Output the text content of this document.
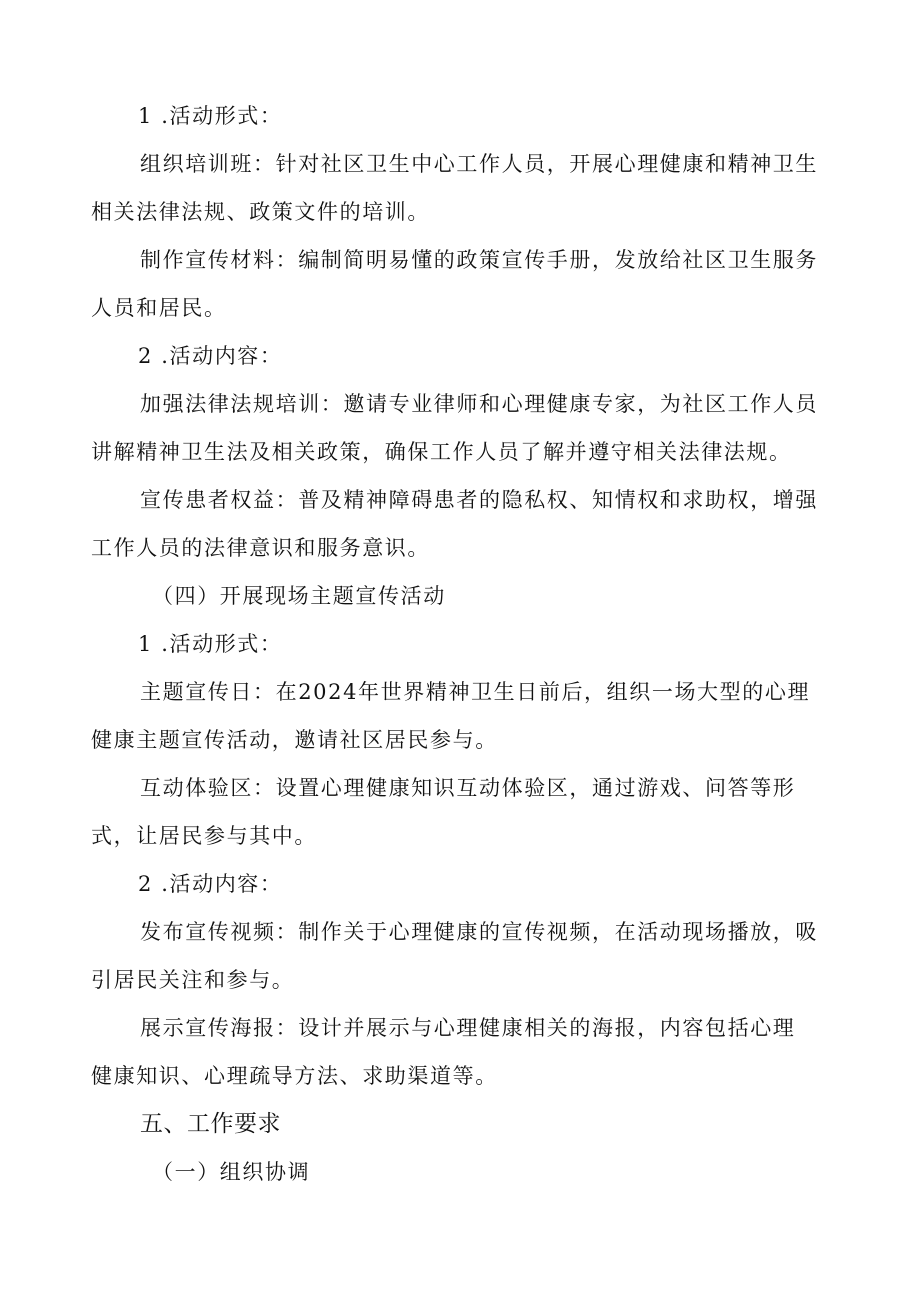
1 .活动形式：
组织培训班：针对社区卫生中心工作人员，开展心理健康和精神卫生
相关法律法规、政策文件的培训。
制作宣传材料：编制简明易懂的政策宣传手册，发放给社区卫生服务
人员和居民。
2 .活动内容：
加强法律法规培训：邀请专业律师和心理健康专家，为社区工作人员
讲解精神卫生法及相关政策，确保工作人员了解并遵守相关法律法规。
宣传患者权益：普及精神障碍患者的隐私权、知情权和求助权，增强
工作人员的法律意识和服务意识。
（四）开展现场主题宣传活动
1 .活动形式：
主题宣传日：在2024年世界精神卫生日前后，组织一场大型的心理
健康主题宣传活动，邀请社区居民参与。
互动体验区：设置心理健康知识互动体验区，通过游戏、问答等形
式，让居民参与其中。
2 .活动内容：
发布宣传视频：制作关于心理健康的宣传视频，在活动现场播放，吸
引居民关注和参与。
展示宣传海报：设计并展示与心理健康相关的海报，内容包括心理
健康知识、心理疏导方法、求助渠道等。
五、工作要求
（一）组织协调
